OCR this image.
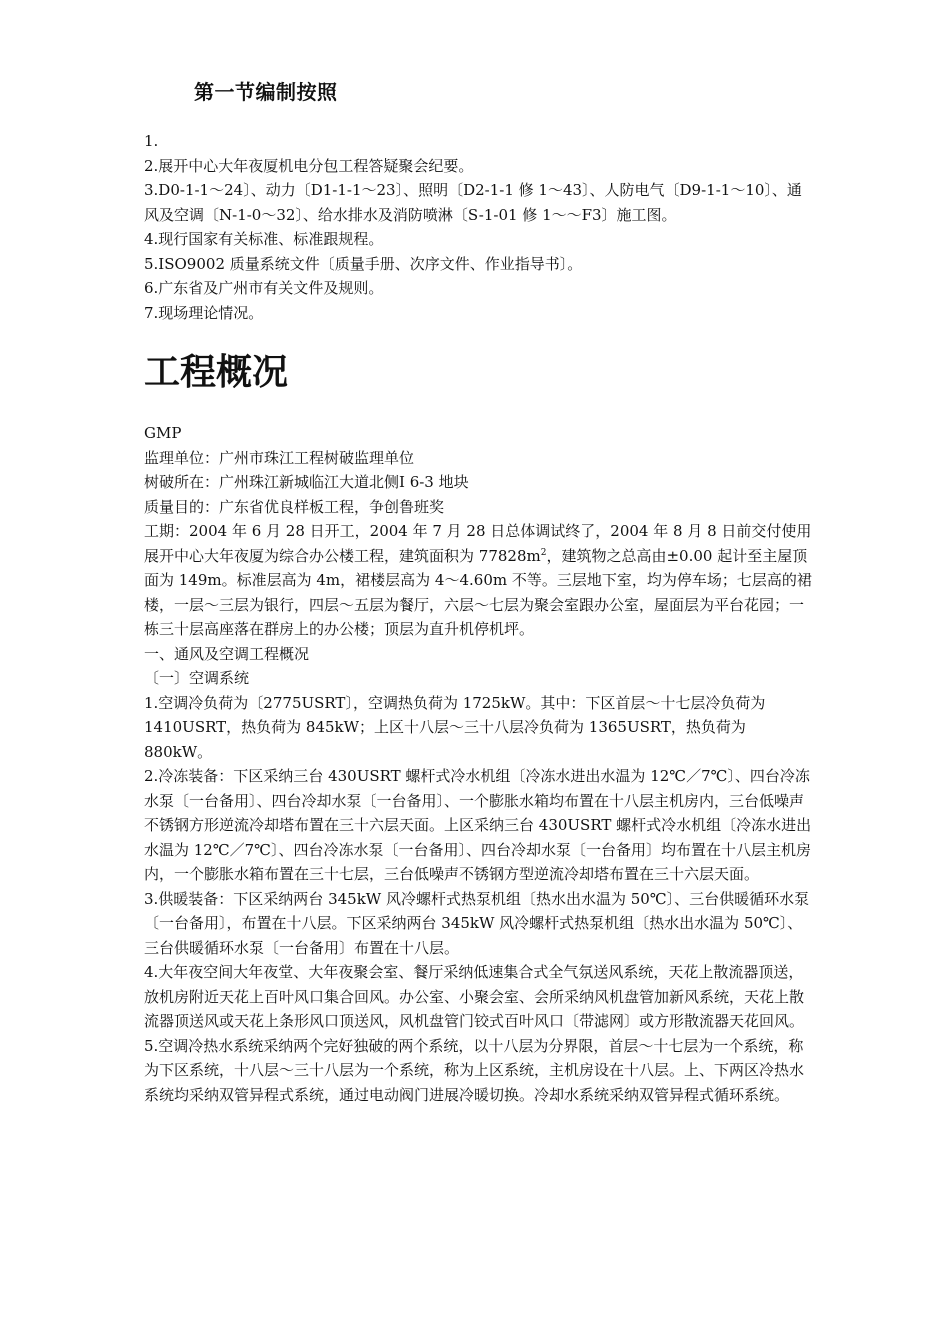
第一节编制按照

1.

2.展开中心大年夜厦机电分包工程答疑聚会纪要。

3.D0-1-1～24〕、动力〔D1-1-1～23〕、照明〔D2-1-1 修 1～43〕、人防电气〔D9-1-1～10〕、通风及空调〔N-1-0～32〕、给水排水及消防喷淋〔S-1-01 修 1～～F3〕施工图。

4.现行国家有关标准、标准跟规程。

5.ISO9002 质量系统文件〔质量手册、次序文件、作业指导书〕。

6.广东省及广州市有关文件及规则。

7.现场理论情况。

工程概况

GMP

监理单位：广州市珠江工程树破监理单位

树破所在：广州珠江新城临江大道北侧Ⅰ 6-3 地块

质量目的：广东省优良样板工程，争创鲁班奖

工期：2004 年 6 月 28 日开工，2004 年 7 月 28 日总体调试终了，2004 年 8 月 8 日前交付使用

展开中心大年夜厦为综合办公楼工程，建筑面积为 $77828m^2$，建筑物之总高由±0.00 起计至主屋顶面为 149m。标准层高为 4m，裙楼层高为 4～4.60m 不等。三层地下室，均为停车场；七层高的裙楼，一层～三层为银行，四层～五层为餐厅，六层～七层为聚会室跟办公室，屋面层为平台花园；一栋三十层高座落在群房上的办公楼；顶层为直升机停机坪。

一、通风及空调工程概况

〔一〕空调系统

1.空调冷负荷为〔2775USRT〕，空调热负荷为 1725kW。其中：下区首层～十七层冷负荷为 1410USRT，热负荷为 845kW；上区十八层～三十八层冷负荷为 1365USRT，热负荷为 880kW。

2.冷冻装备：下区采纳三台 430USRT 螺杆式冷水机组〔冷冻水进出水温为 12℃／7℃〕、四台冷冻水泵〔一台备用〕、四台冷却水泵〔一台备用〕、一个膨胀水箱均布置在十八层主机房内，三台低噪声不锈钢方形逆流冷却塔布置在三十六层天面。上区采纳三台 430USRT 螺杆式冷水机组〔冷冻水进出水温为 12℃／7℃〕、四台冷冻水泵〔一台备用〕、四台冷却水泵〔一台备用〕均布置在十八层主机房内，一个膨胀水箱布置在三十七层，三台低噪声不锈钢方型逆流冷却塔布置在三十六层天面。

3.供暖装备：下区采纳两台 345kW 风冷螺杆式热泵机组〔热水出水温为 50℃〕、三台供暖循环水泵〔一台备用〕，布置在十八层。下区采纳两台 345kW 风冷螺杆式热泵机组〔热水出水温为 50℃〕、三台供暖循环水泵〔一台备用〕布置在十八层。

4.大年夜空间大年夜堂、大年夜聚会室、餐厅采纳低速集合式全气氛送风系统，天花上散流器顶送，放机房附近天花上百叶风口集合回风。办公室、小聚会室、会所采纳风机盘管加新风系统，天花上散流器顶送风或天花上条形风口顶送风，风机盘管门铰式百叶风口〔带滤网〕或方形散流器天花回风。

5.空调冷热水系统采纳两个完好独破的两个系统，以十八层为分界限，首层～十七层为一个系统，称为下区系统，十八层～三十八层为一个系统，称为上区系统，主机房设在十八层。上、下两区冷热水系统均采纳双管异程式系统，通过电动阀门进展冷暖切换。冷却水系统采纳双管异程式循环系统。
